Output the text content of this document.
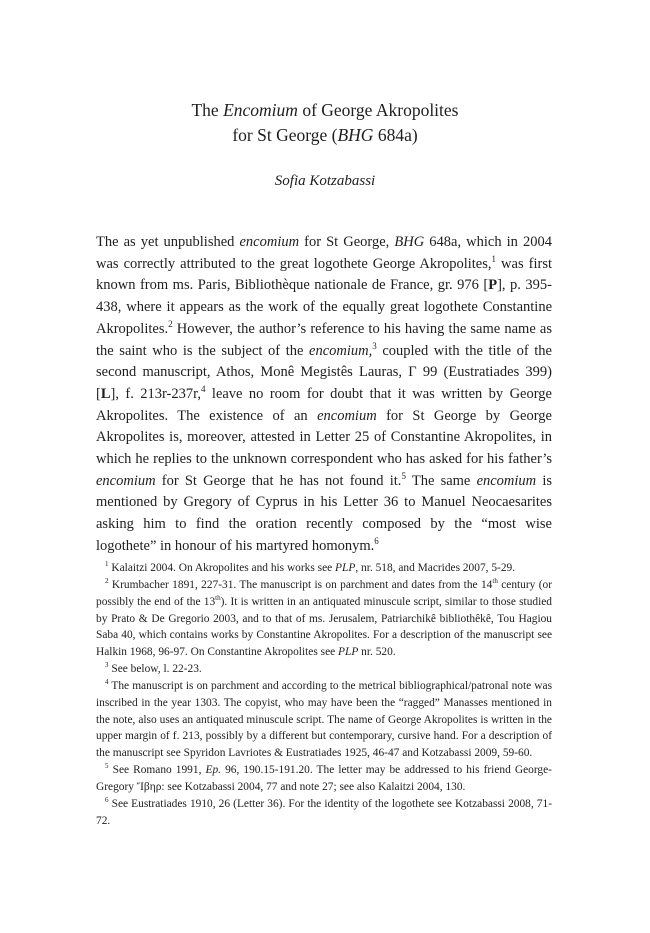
The Encomium of George Akropolites
for St George (BHG 684a)
Sofia Kotzabassi

The as yet unpublished encomium for St George, BHG 648a, which in 2004 was correctly attributed to the great logothete George Akropolites,$^1$ was first known from ms. Paris, Bibliothèque nationale de France, gr. 976 [P], p. 395-438, where it appears as the work of the equally great logothete Constantine Akropolites.$^2$ However, the author’s reference to his having the same name as the saint who is the subject of the encomium,$^3$ coupled with the title of the second manuscript, Athos, Monê Megistês Lauras, Γ 99 (Eustratiades 399) [L], f. 213r-237r,$^4$ leave no room for doubt that it was written by George Akropolites. The existence of an encomium for St George by George Akropolites is, moreover, attested in Letter 25 of Constantine Akropolites, in which he replies to the unknown correspondent who has asked for his father’s encomium for St George that he has not found it.$^5$ The same encomium is mentioned by Gregory of Cyprus in his Letter 36 to Manuel Neocaesarites asking him to find the oration recently composed by the “most wise logothete” in honour of his martyred homonym.$^6$

$^1$ Kalaitzi 2004. On Akropolites and his works see PLP, nr. 518, and Macrides 2007, 5-29.

$^2$ Krumbacher 1891, 227-31. The manuscript is on parchment and dates from the 14th century (or possibly the end of the 13th). It is written in an antiquated minuscule script, similar to those studied by Prato & De Gregorio 2003, and to that of ms. Jerusalem, Patriarchikê bibliothêkê, Tou Hagiou Saba 40, which contains works by Constantine Akropolites. For a description of the manuscript see Halkin 1968, 96-97. On Constantine Akropolites see PLP nr. 520.

$^3$ See below, l. 22-23.

$^4$ The manuscript is on parchment and according to the metrical bibliographical/patronal note was inscribed in the year 1303. The copyist, who may have been the “ragged” Manasses mentioned in the note, also uses an antiquated minuscule script. The name of George Akropolites is written in the upper margin of f. 213, possibly by a different but contemporary, cursive hand. For a description of the manuscript see Spyridon Lavriotes & Eustratiades 1925, 46-47 and Kotzabassi 2009, 59-60.

$^5$ See Romano 1991, Ep. 96, 190.15-191.20. The letter may be addressed to his friend George-Gregory Ἴβηρ: see Kotzabassi 2004, 77 and note 27; see also Kalaitzi 2004, 130.

$^6$ See Eustratiades 1910, 26 (Letter 36). For the identity of the logothete see Kotzabassi 2008, 71-72.
